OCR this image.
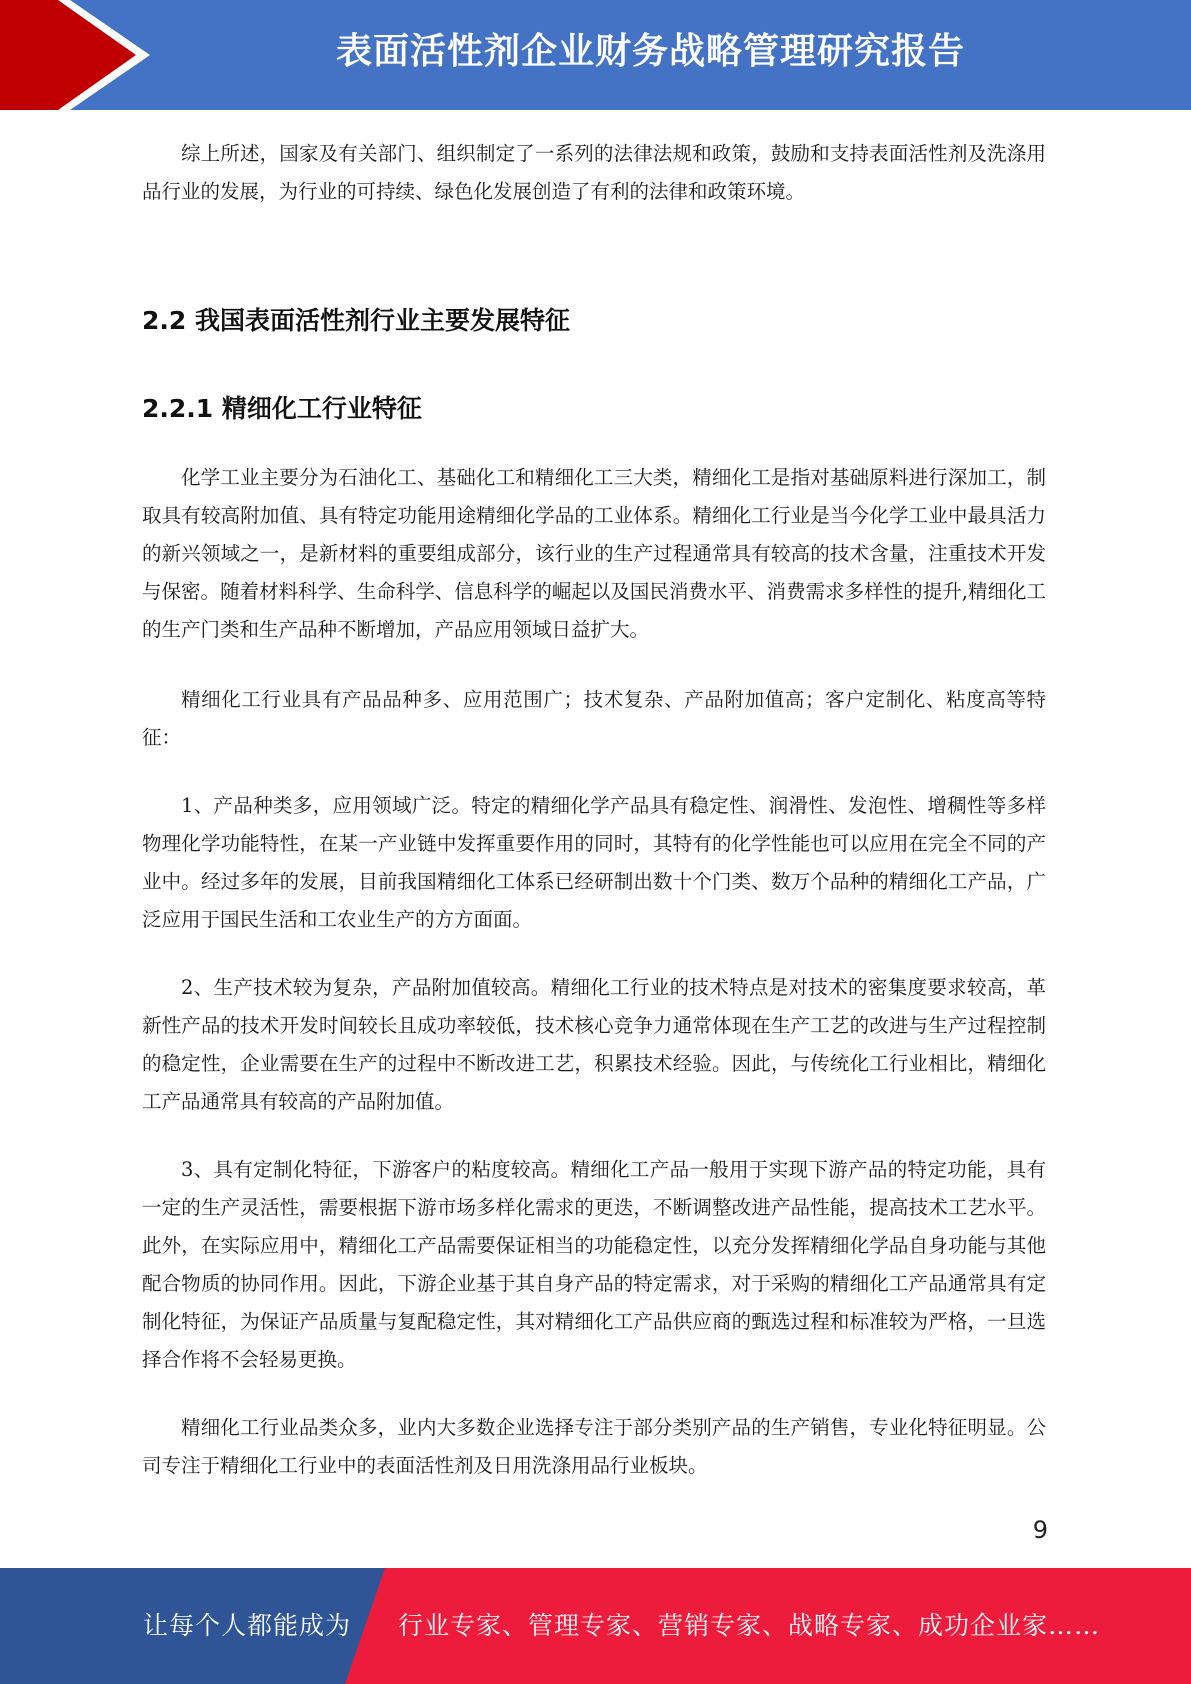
表面活性剂企业财务战略管理研究报告

综上所述，国家及有关部门、组织制定了一系列的法律法规和政策，鼓励和支持表面活性剂及洗涤用品行业的发展，为行业的可持续、绿色化发展创造了有利的法律和政策环境。

2.2 我国表面活性剂行业主要发展特征
2.2.1 精细化工行业特征

化学工业主要分为石油化工、基础化工和精细化工三大类，精细化工是指对基础原料进行深加工，制取具有较高附加值、具有特定功能用途精细化学品的工业体系。精细化工行业是当今化学工业中最具活力的新兴领域之一，是新材料的重要组成部分，该行业的生产过程通常具有较高的技术含量，注重技术开发与保密。随着材料科学、生命科学、信息科学的崛起以及国民消费水平、消费需求多样性的提升,精细化工的生产门类和生产品种不断增加，产品应用领域日益扩大。

精细化工行业具有产品品种多、应用范围广；技术复杂、产品附加值高；客户定制化、粘度高等特征：

1、产品种类多，应用领域广泛。特定的精细化学产品具有稳定性、润滑性、发泡性、增稠性等多样物理化学功能特性，在某一产业链中发挥重要作用的同时，其特有的化学性能也可以应用在完全不同的产业中。经过多年的发展，目前我国精细化工体系已经研制出数十个门类、数万个品种的精细化工产品，广泛应用于国民生活和工农业生产的方方面面。

2、生产技术较为复杂，产品附加值较高。精细化工行业的技术特点是对技术的密集度要求较高，革新性产品的技术开发时间较长且成功率较低，技术核心竞争力通常体现在生产工艺的改进与生产过程控制的稳定性，企业需要在生产的过程中不断改进工艺，积累技术经验。因此，与传统化工行业相比，精细化工产品通常具有较高的产品附加值。

3、具有定制化特征，下游客户的粘度较高。精细化工产品一般用于实现下游产品的特定功能，具有一定的生产灵活性，需要根据下游市场多样化需求的更迭，不断调整改进产品性能，提高技术工艺水平。此外，在实际应用中，精细化工产品需要保证相当的功能稳定性，以充分发挥精细化学品自身功能与其他配合物质的协同作用。因此，下游企业基于其自身产品的特定需求，对于采购的精细化工产品通常具有定制化特征，为保证产品质量与复配稳定性，其对精细化工产品供应商的甄选过程和标准较为严格，一旦选择合作将不会轻易更换。

精细化工行业品类众多，业内大多数企业选择专注于部分类别产品的生产销售，专业化特征明显。公司专注于精细化工行业中的表面活性剂及日用洗涤用品行业板块。

9
让每个人都能成为 行业专家、管理专家、营销专家、战略专家、成功企业家……
